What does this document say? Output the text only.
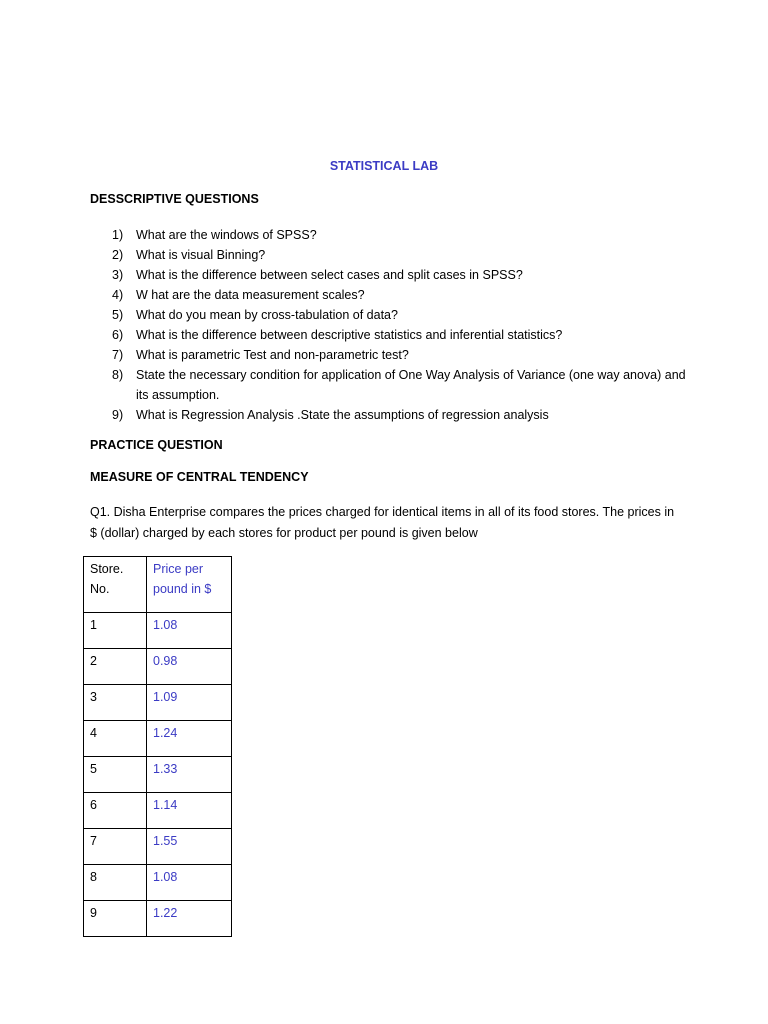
STATISTICAL LAB
DESSCRIPTIVE QUESTIONS
1)	What are the windows of SPSS?
2)	What is visual Binning?
3)	What is the difference between select cases and split cases in SPSS?
4)	W hat are the data measurement scales?
5)	What do you mean by cross-tabulation of data?
6)	What is the difference between descriptive statistics and inferential statistics?
7)	What is parametric Test and non-parametric test?
8)	State the necessary condition for application of One Way Analysis of Variance (one way anova) and its assumption.
9)	What is Regression Analysis .State the assumptions of regression analysis
PRACTICE QUESTION
MEASURE OF CENTRAL TENDENCY
Q1. Disha Enterprise compares the prices charged for identical items in all of its food stores. The prices in $ (dollar) charged by each stores for product per pound is given below
Store. No.	Price per pound in $
1	1.08
2	0.98
3	1.09
4	1.24
5	1.33
6	1.14
7	1.55
8	1.08
9	1.22
